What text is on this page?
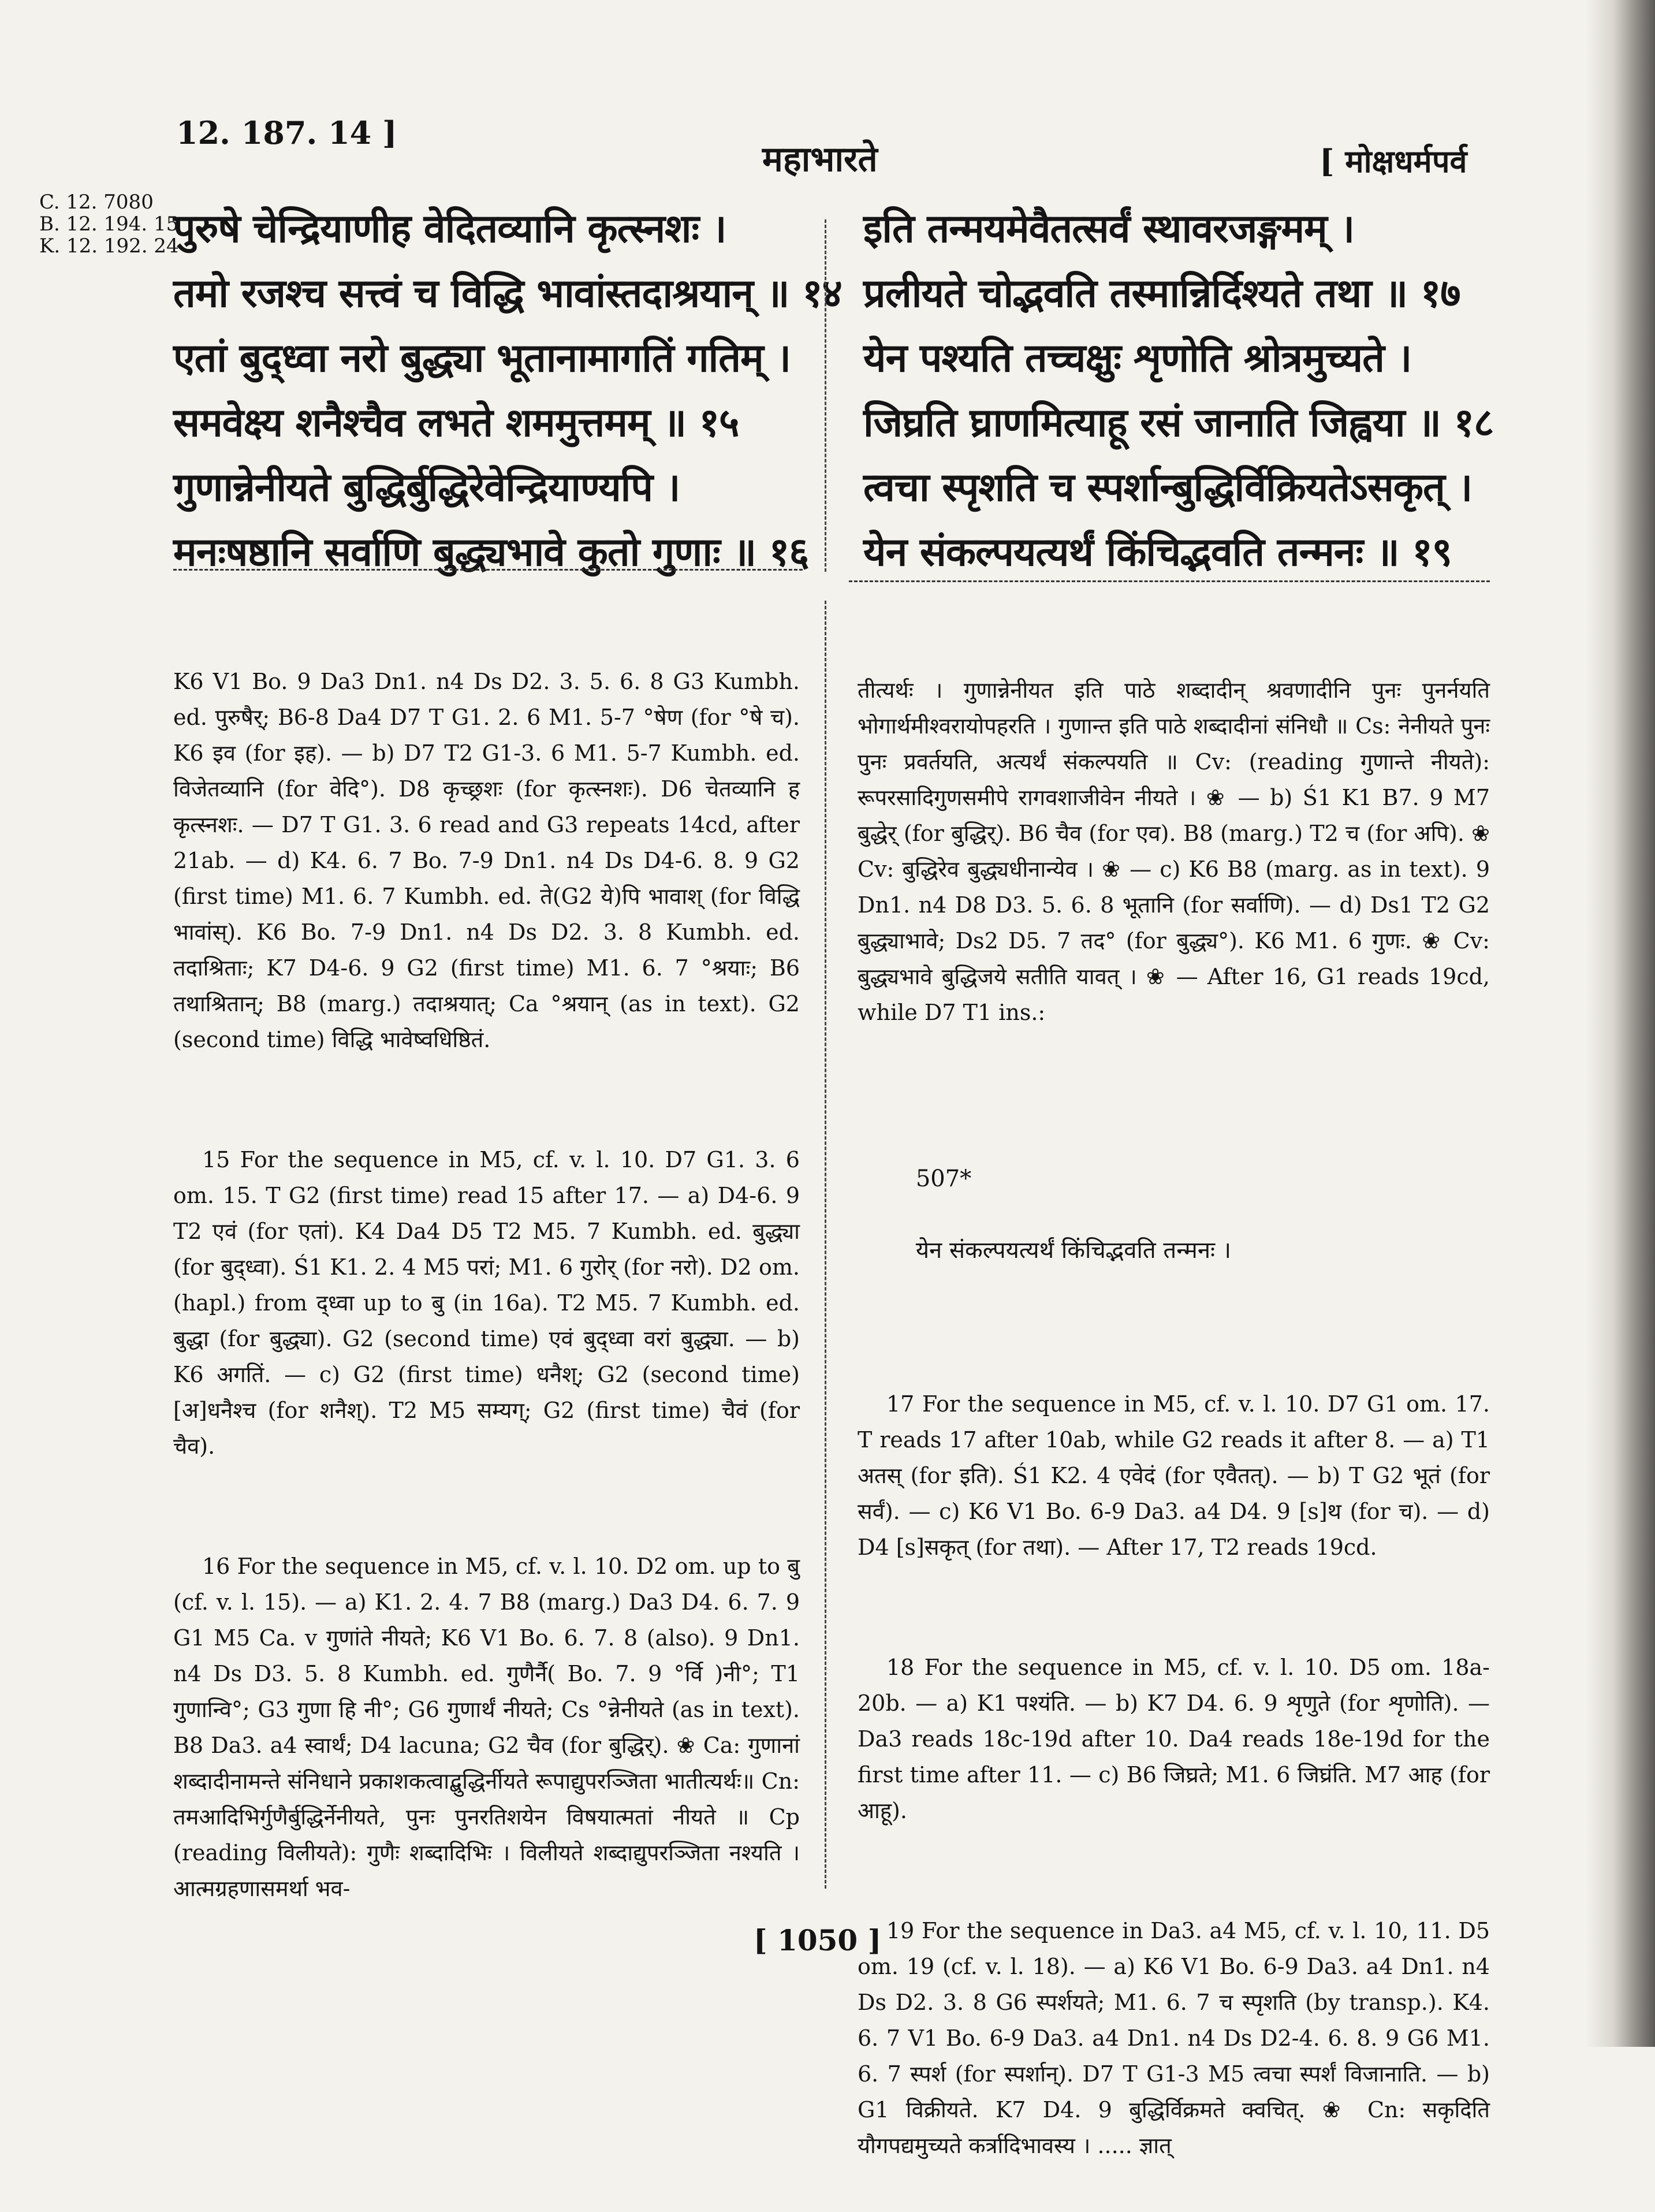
C. 12. 7080
B. 12. 194. 15
K. 12. 192. 24
12. 187. 14 ]
महाभारते	[ मोक्षधर्मपर्व
पुरुषे चेन्द्रियाणीह वेदितव्यानि कृत्स्नशः ।
तमो रजश्च सत्त्वं च विद्धि भावांस्तदाश्रयान् ॥ १४
एतां बुद्ध्वा नरो बुद्ध्या भूतानामागतिं गतिम् ।
समवेक्ष्य शनैश्चैव लभते शममुत्तमम् ॥ १५
गुणान्नेनीयते बुद्धिर्बुद्धिरेवेन्द्रियाण्यपि ।
मनःषष्ठानि सर्वाणि बुद्ध्यभावे कुतो गुणाः ॥ १६
इति तन्मयमेवैतत्सर्वं स्थावरजङ्गमम् ।
प्रलीयते चोद्भवति तस्मान्निर्दिश्यते तथा ॥ १७
येन पश्यति तच्चक्षुः शृणोति श्रोत्रमुच्यते ।
जिघ्रति घ्राणमित्याहू रसं जानाति जिह्वया ॥ १८
त्वचा स्पृशति च स्पर्शान्बुद्धिर्विक्रियतेऽसकृत् ।
येन संकल्पयत्यर्थं किंचिद्भवति तन्मनः ॥ १९

K6 V1 Bo. 9 Da3 Dn1. n4 Ds D2. 3. 5. 6. 8 G3 Kumbh. ed. पुरुषैर्; B6-8 Da4 D7 T G1. 2. 6 M1. 5-7 °षेण (for °षे च). K6 इव (for इह). — b) D7 T2 G1-3. 6 M1. 5-7 Kumbh. ed. विजेतव्यानि (for वेदि°). D8 कृच्छ्रशः (for कृत्स्नशः). D6 चेतव्यानि ह कृत्स्नशः. — D7 T G1. 3. 6 read and G3 repeats 14cd, after 21ab. — d) K4. 6. 7 Bo. 7-9 Dn1. n4 Ds D4-6. 8. 9 G2 (first time) M1. 6. 7 Kumbh. ed. ते(G2 ये)पि भावाश् (for विद्धि भावांस्). K6 Bo. 7-9 Dn1. n4 Ds D2. 3. 8 Kumbh. ed. तदाश्रिताः; K7 D4-6. 9 G2 (first time) M1. 6. 7 °श्रयाः; B6 तथाश्रितान्; B8 (marg.) तदाश्रयात्; Ca °श्रयान् (as in text). G2 (second time) विद्धि भावेष्वधिष्ठितं.

15 For the sequence in M5, cf. v. l. 10. D7 G1. 3. 6 om. 15. T G2 (first time) read 15 after 17. — a) D4-6. 9 T2 एवं (for एतां). K4 Da4 D5 T2 M5. 7 Kumbh. ed. बुद्ध्या (for बुद्ध्वा). Ś1 K1. 2. 4 M5 परां; M1. 6 गुरोर् (for नरो). D2 om. (hapl.) from द्ध्वा up to बु (in 16a). T2 M5. 7 Kumbh. ed. बुद्धा (for बुद्ध्या). G2 (second time) एवं बुद्ध्वा वरां बुद्ध्या. — b) K6 अगतिं. — c) G2 (first time) धनैश्; G2 (second time) [अ]धनैश्च (for शनैश्). T2 M5 सम्यग्; G2 (first time) चैवं (for चैव).

16 For the sequence in M5, cf. v. l. 10. D2 om. up to बु (cf. v. l. 15). — a) K1. 2. 4. 7 B8 (marg.) Da3 D4. 6. 7. 9 G1 M5 Ca. v गुणांते नीयते; K6 V1 Bo. 6. 7. 8 (also). 9 Dn1. n4 Ds D3. 5. 8 Kumbh. ed. गुणैर्नै( Bo. 7. 9 °र्वि )नी°; T1 गुणान्वि°; G3 गुणा हि नी°; G6 गुणार्थं नीयते; Cs °न्नेनीयते (as in text). B8 Da3. a4 स्वार्थं; D4 lacuna; G2 चैव (for बुद्धिर्). ❀ Ca: गुणानां शब्दादीनामन्ते संनिधाने प्रकाशकत्वाद्बुद्धिर्नीयते रूपाद्युपरञ्जिता भातीत्यर्थः॥ Cn: तमआदिभिर्गुणैर्बुद्धिर्नेनीयते, पुनः पुनरतिशयेन विषयात्मतां नीयते ॥ Cp (reading विलीयते): गुणैः शब्दादिभिः । विलीयते शब्दाद्युपरञ्जिता नश्यति । आत्मग्रहणासमर्था भव-

तीत्यर्थः । गुणान्नेनीयत इति पाठे शब्दादीन् श्रवणादीनि पुनः पुनर्नयति भोगार्थमीश्वरायोपहरति । गुणान्त इति पाठे शब्दादीनां संनिधौ ॥ Cs: नेनीयते पुनः पुनः प्रवर्तयति, अत्यर्थं संकल्पयति ॥ Cv: (reading गुणान्ते नीयते): रूपरसादिगुणसमीपे रागवशाजीवेन नीयते । ❀ — b) Ś1 K1 B7. 9 M7 बुद्धेर् (for बुद्धिर्). B6 चैव (for एव). B8 (marg.) T2 च (for अपि). ❀ Cv: बुद्धिरेव बुद्ध्यधीनान्येव । ❀ — c) K6 B8 (marg. as in text). 9 Dn1. n4 D8 D3. 5. 6. 8 भूतानि (for सर्वाणि). — d) Ds1 T2 G2 बुद्ध्याभावे; Ds2 D5. 7 तद° (for बुद्ध्य°). K6 M1. 6 गुणः. ❀ Cv: बुद्ध्यभावे बुद्धिजये सतीति यावत् । ❀ — After 16, G1 reads 19cd, while D7 T1 ins.:

507*

येन संकल्पयत्यर्थं किंचिद्भवति तन्मनः ।

17 For the sequence in M5, cf. v. l. 10. D7 G1 om. 17. T reads 17 after 10ab, while G2 reads it after 8. — a) T1 अतस् (for इति). Ś1 K2. 4 एवेदं (for एवैतत्). — b) T G2 भूतं (for सर्वं). — c) K6 V1 Bo. 6-9 Da3. a4 D4. 9 [s]थ (for च). — d) D4 [s]सकृत् (for तथा). — After 17, T2 reads 19cd.

18 For the sequence in M5, cf. v. l. 10. D5 om. 18a-20b. — a) K1 पश्यंति. — b) K7 D4. 6. 9 शृणुते (for शृणोति). — Da3 reads 18c-19d after 10. Da4 reads 18e-19d for the first time after 11. — c) B6 जिघ्रते; M1. 6 जिघ्रंति. M7 आह (for आहू).

19 For the sequence in Da3. a4 M5, cf. v. l. 10, 11. D5 om. 19 (cf. v. l. 18). — a) K6 V1 Bo. 6-9 Da3. a4 Dn1. n4 Ds D2. 3. 8 G6 स्पर्शयते; M1. 6. 7 च स्पृशति (by transp.). K4. 6. 7 V1 Bo. 6-9 Da3. a4 Dn1. n4 Ds D2-4. 6. 8. 9 G6 M1. 6. 7 स्पर्श (for स्पर्शान्). D7 T G1-3 M5 त्वचा स्पर्शं विजानाति. — b) G1 विक्रीयते. K7 D4. 9 बुद्धिर्विक्रमते क्वचित्. ❀ Cn: सकृदिति यौगपद्यमुच्यते कर्त्रादिभावस्य । ..... ज्ञात्

[ 1050 ]
